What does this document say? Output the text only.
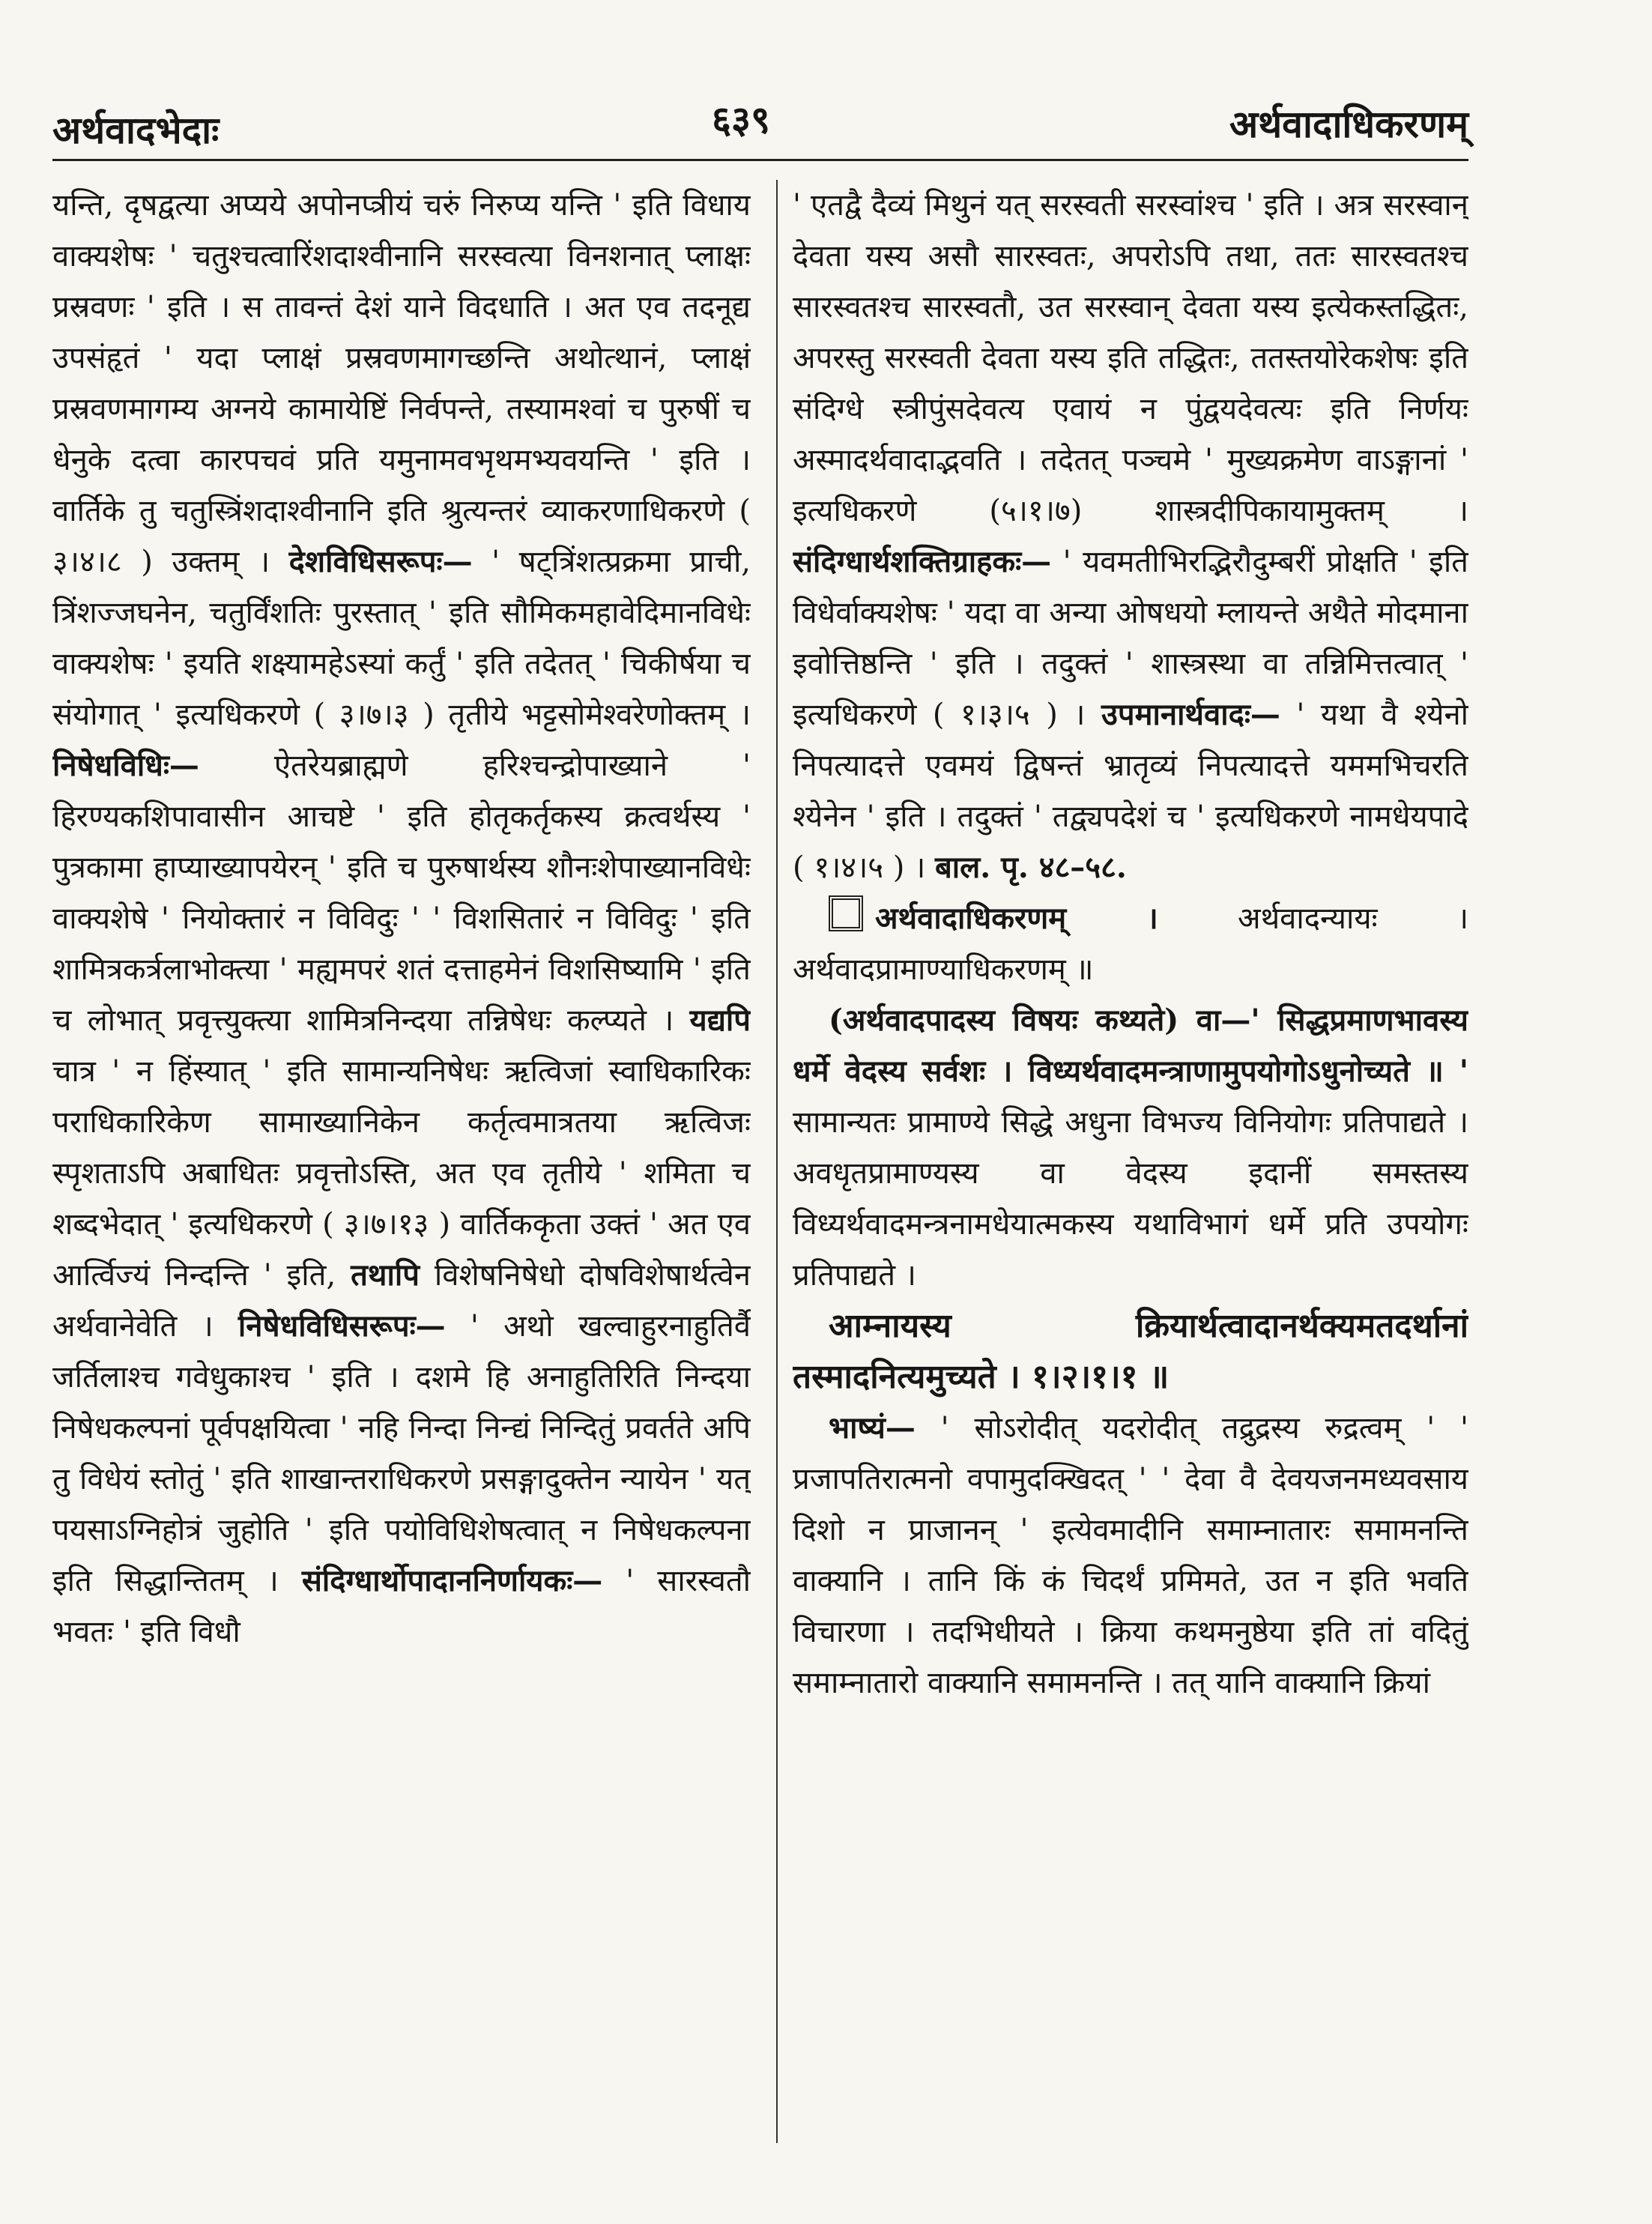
अर्थवादभेदाः	६३९	अर्थवादाधिकरणम्

यन्ति, दृषद्वत्या अप्यये अपोनप्त्रीयं चरुं निरुप्य यन्ति ' इति विधाय वाक्यशेषः ' चतुश्चत्वारिंशदाश्वीनानि सरस्वत्या विनशनात् प्लाक्षः प्रस्रवणः ' इति । स तावन्तं देशं याने विदधाति । अत एव तदनूद्य उपसंहृतं ' यदा प्लाक्षं प्रस्रवणमागच्छन्ति अथोत्थानं, प्लाक्षं प्रस्रवणमागम्य अग्नये कामायेष्टिं निर्वपन्ते, तस्यामश्वां च पुरुषीं च धेनुके दत्वा कारपचवं प्रति यमुनामवभृथमभ्यवयन्ति ' इति । वार्तिके तु चतुस्त्रिंशदाश्वीनानि इति श्रुत्यन्तरं व्याकरणाधिकरणे ( ३।४।८ ) उक्तम् । देशविधिसरूपः— ' षट्त्रिंशत्प्रक्रमा प्राची, त्रिंशज्जघनेन, चतुर्विंशतिः पुरस्तात् ' इति सौमिकमहावेदिमानविधेः वाक्यशेषः ' इयति शक्ष्यामहेऽस्यां कर्तुं ' इति तदेतत् ' चिकीर्षया च संयोगात् ' इत्यधिकरणे ( ३।७।३ ) तृतीये भट्टसोमेश्वरेणोक्तम् । निषेधविधिः— ऐतरेयब्राह्मणे हरिश्चन्द्रोपाख्याने ' हिरण्यकशिपावासीन आचष्टे ' इति होतृकर्तृकस्य क्रत्वर्थस्य ' पुत्रकामा हाप्याख्यापयेरन् ' इति च पुरुषार्थस्य शौनःशेपाख्यानविधेः वाक्यशेषे ' नियोक्तारं न विविदुः ' ' विशसितारं न विविदुः ' इति शामित्रकर्त्रलाभोक्त्या ' मह्यमपरं शतं दत्ताहमेनं विशसिष्यामि ' इति च लोभात् प्रवृत्त्युक्त्या शामित्रनिन्दया तन्निषेधः कल्प्यते । यद्यपि चात्र ' न हिंस्यात् ' इति सामान्यनिषेधः ऋत्विजां स्वाधिकारिकः पराधिकारिकेण सामाख्यानिकेन कर्तृत्वमात्रतया ऋत्विजः स्पृशताऽपि अबाधितः प्रवृत्तोऽस्ति, अत एव तृतीये ' शमिता च शब्दभेदात् ' इत्यधिकरणे ( ३।७।१३ ) वार्तिककृता उक्तं ' अत एव आर्त्विज्यं निन्दन्ति ' इति, तथापि विशेषनिषेधो दोषविशेषार्थत्वेन अर्थवानेवेति । निषेधविधिसरूपः— ' अथो खल्वाहुरनाहुतिर्वै जर्तिलाश्च गवेधुकाश्च ' इति । दशमे हि अनाहुतिरिति निन्दया निषेधकल्पनां पूर्वपक्षयित्वा ' नहि निन्दा निन्द्यं निन्दितुं प्रवर्तते अपि तु विधेयं स्तोतुं ' इति शाखान्तराधिकरणे प्रसङ्गादुक्तेन न्यायेन ' यत् पयसाऽग्निहोत्रं जुहोति ' इति पयोविधिशेषत्वात् न निषेधकल्पना इति सिद्धान्तितम् । संदिग्धार्थोपादाननिर्णायकः— ' सारस्वतौ भवतः ' इति विधौ

' एतद्वै दैव्यं मिथुनं यत् सरस्वती सरस्वांश्च ' इति । अत्र सरस्वान् देवता यस्य असौ सारस्वतः, अपरोऽपि तथा, ततः सारस्वतश्च सारस्वतश्च सारस्वतौ, उत सरस्वान् देवता यस्य इत्येकस्तद्धितः, अपरस्तु सरस्वती देवता यस्य इति तद्धितः, ततस्तयोरेकशेषः इति संदिग्धे स्त्रीपुंसदेवत्य एवायं न पुंद्वयदेवत्यः इति निर्णयः अस्मादर्थवादाद्भवति । तदेतत् पञ्चमे ' मुख्यक्रमेण वाऽङ्गानां ' इत्यधिकरणे (५।१।७) शास्त्रदीपिकायामुक्तम् । संदिग्धार्थशक्तिग्राहकः— ' यवमतीभिरद्भिरौदुम्बरीं प्रोक्षति ' इति विधेर्वाक्यशेषः ' यदा वा अन्या ओषधयो म्लायन्ते अथैते मोदमाना इवोत्तिष्ठन्ति ' इति । तदुक्तं ' शास्त्रस्था वा तन्निमित्तत्वात् ' इत्यधिकरणे ( १।३।५ ) । उपमानार्थवादः— ' यथा वै श्येनो निपत्यादत्ते एवमयं द्विषन्तं भ्रातृव्यं निपत्यादत्ते यममभिचरति श्येनेन ' इति । तदुक्तं ' तद्व्यपदेशं च ' इत्यधिकरणे नामधेयपादे ( १।४।५ ) । बाल. पृ. ४८–५८.

अर्थवादाधिकरणम् ।	अर्थवादन्यायः । अर्थवादप्रामाण्याधिकरणम् ॥

(अर्थवादपादस्य विषयः कथ्यते) वा—' सिद्धप्रमाणभावस्य धर्मे वेदस्य सर्वशः । विध्यर्थवादमन्त्राणामुपयोगोऽधुनोच्यते ॥ ' सामान्यतः प्रामाण्ये सिद्धे अधुना विभज्य विनियोगः प्रतिपाद्यते । अवधृतप्रामाण्यस्य वा वेदस्य इदानीं समस्तस्य विध्यर्थवादमन्त्रनामधेयात्मकस्य यथाविभागं धर्मे प्रति उपयोगः प्रतिपाद्यते ।

आम्नायस्य क्रियार्थत्वादानर्थक्यमतदर्थानां तस्मादनित्यमुच्यते । १।२।१।१ ॥

भाष्यं— ' सोऽरोदीत् यदरोदीत् तद्रुद्रस्य रुद्रत्वम् ' ' प्रजापतिरात्मनो वपामुदक्खिदत् ' ' देवा वै देवयजनमध्यवसाय दिशो न प्राजानन् ' इत्येवमादीनि समाम्नातारः समामनन्ति वाक्यानि । तानि किं कं चिदर्थं प्रमिमते, उत न इति भवति विचारणा । तदभिधीयते । क्रिया कथमनुष्ठेया इति तां वदितुं समाम्नातारो वाक्यानि समामनन्ति । तत् यानि वाक्यानि क्रियां
